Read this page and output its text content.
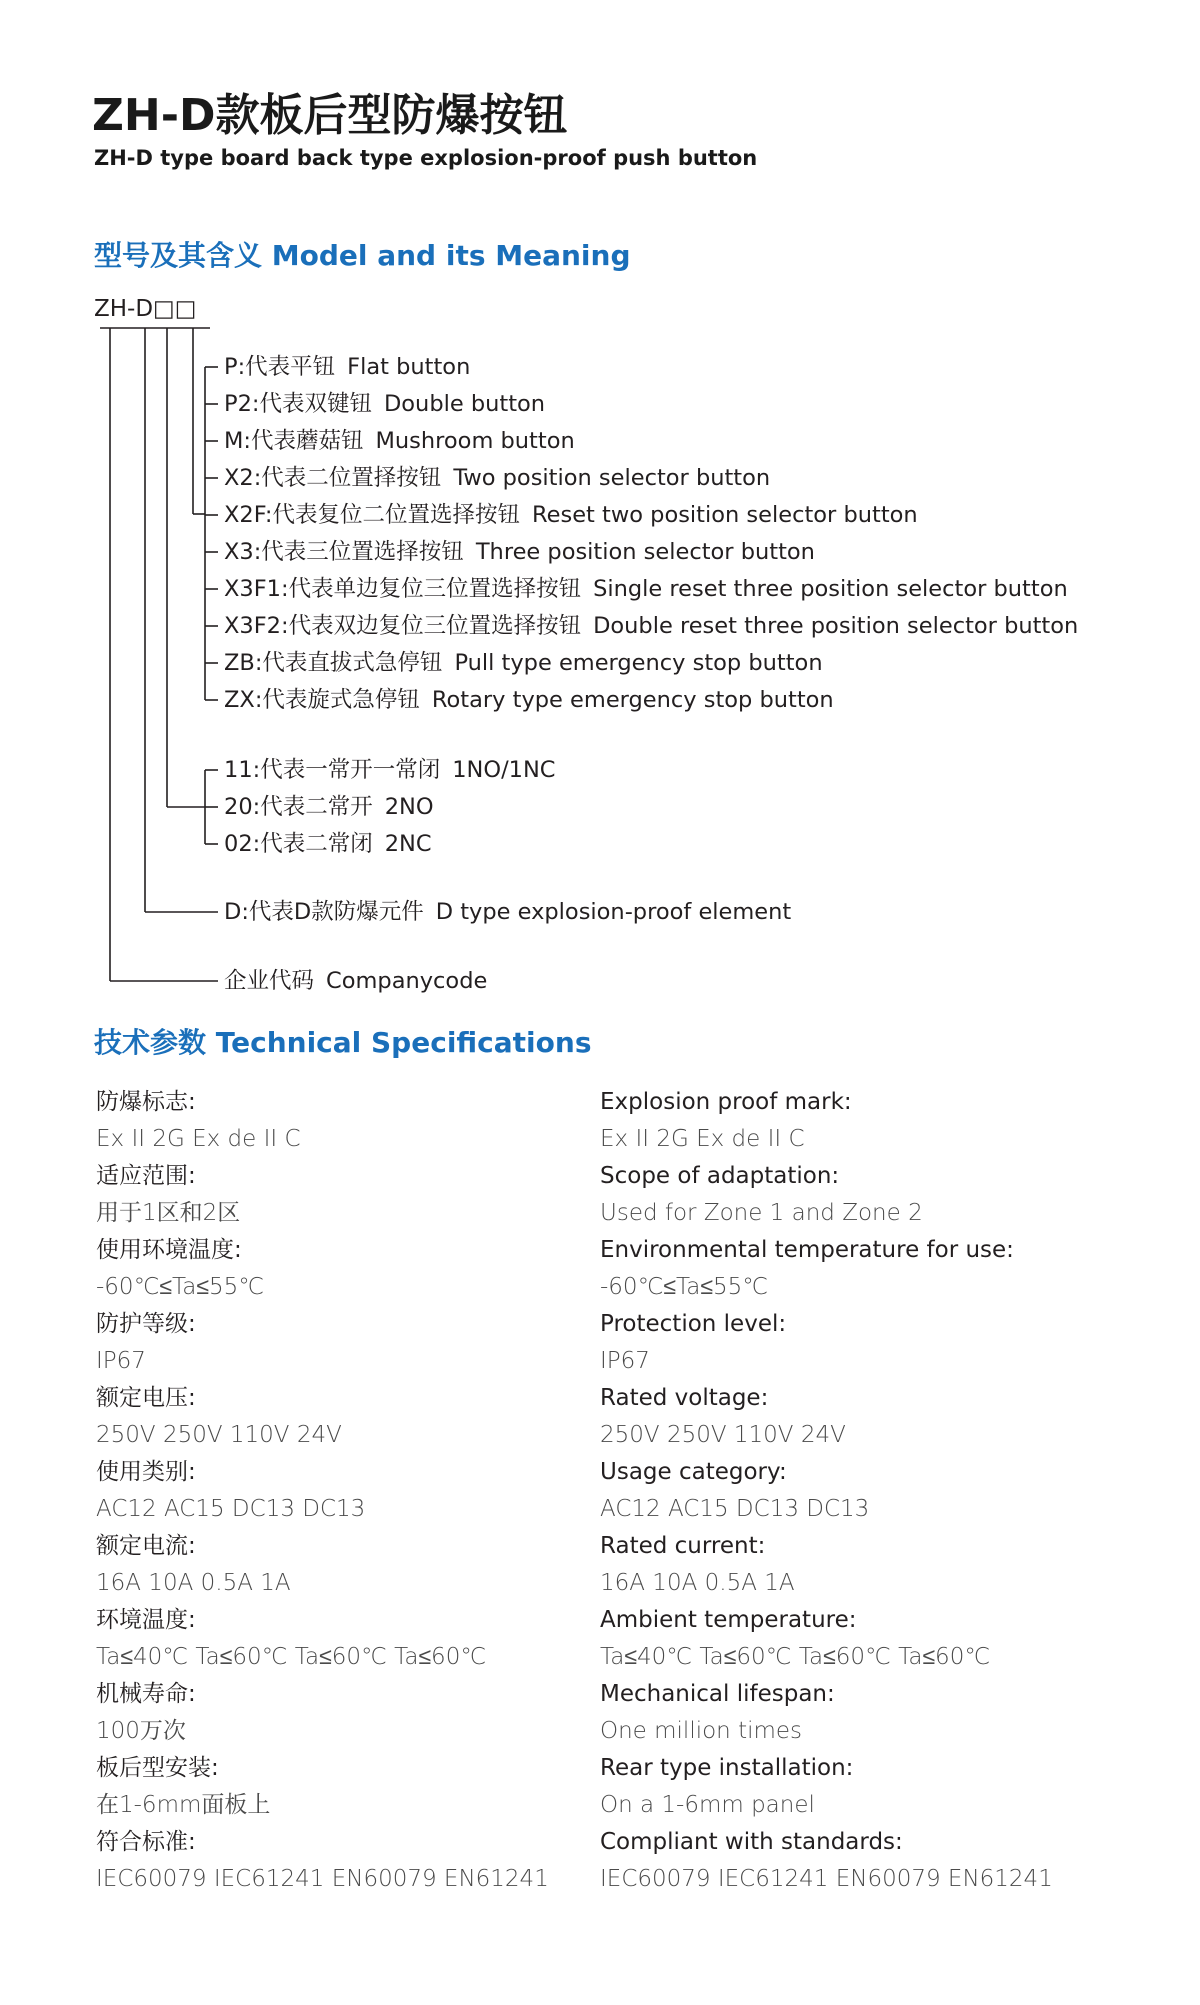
ZH-D款板后型防爆按钮

ZH-D type board back type explosion-proof push button

型号及其含义 Model and its Meaning
ZH-D□□
P:代表平钮 Flat button
P2:代表双键钮 Double button
M:代表蘑菇钮 Mushroom button
X2:代表二位置择按钮 Two position selector button
X2F:代表复位二位置选择按钮 Reset two position selector button
X3:代表三位置选择按钮 Three position selector button
X3F1:代表单边复位三位置选择按钮 Single reset three position selector button
X3F2:代表双边复位三位置选择按钮 Double reset three position selector button
ZB:代表直拔式急停钮 Pull type emergency stop button
ZX:代表旋式急停钮 Rotary type emergency stop button
11:代表一常开一常闭 1NO/1NC
20:代表二常开 2NO
02:代表二常闭 2NC
D:代表D款防爆元件 D type explosion-proof element
企业代码 Companycode
技术参数 Technical Specifications
防爆标志:
Ex II 2G Ex de II C
Explosion proof mark:
Ex II 2G Ex de II C
适应范围:
用于1区和2区
Scope of adaptation:
Used for Zone 1 and Zone 2
使用环境温度:
-60℃≤Ta≤55℃
Environmental temperature for use:
-60℃≤Ta≤55℃
防护等级:
IP67
Protection level:
IP67
额定电压:
250V 250V 110V 24V
Rated voltage:
250V 250V 110V 24V
使用类别:
AC12 AC15 DC13 DC13
Usage category:
AC12 AC15 DC13 DC13
额定电流:
16A 10A 0.5A 1A
Rated current:
16A 10A 0.5A 1A
环境温度:
Ta≤40℃ Ta≤60℃ Ta≤60℃ Ta≤60℃
Ambient temperature:
Ta≤40℃ Ta≤60℃ Ta≤60℃ Ta≤60℃
机械寿命:
100万次
Mechanical lifespan:
One million times
板后型安装:
在1-6mm面板上
Rear type installation:
On a 1-6mm panel
符合标准:
IEC60079 IEC61241 EN60079 EN61241
Compliant with standards:
IEC60079 IEC61241 EN60079 EN61241
